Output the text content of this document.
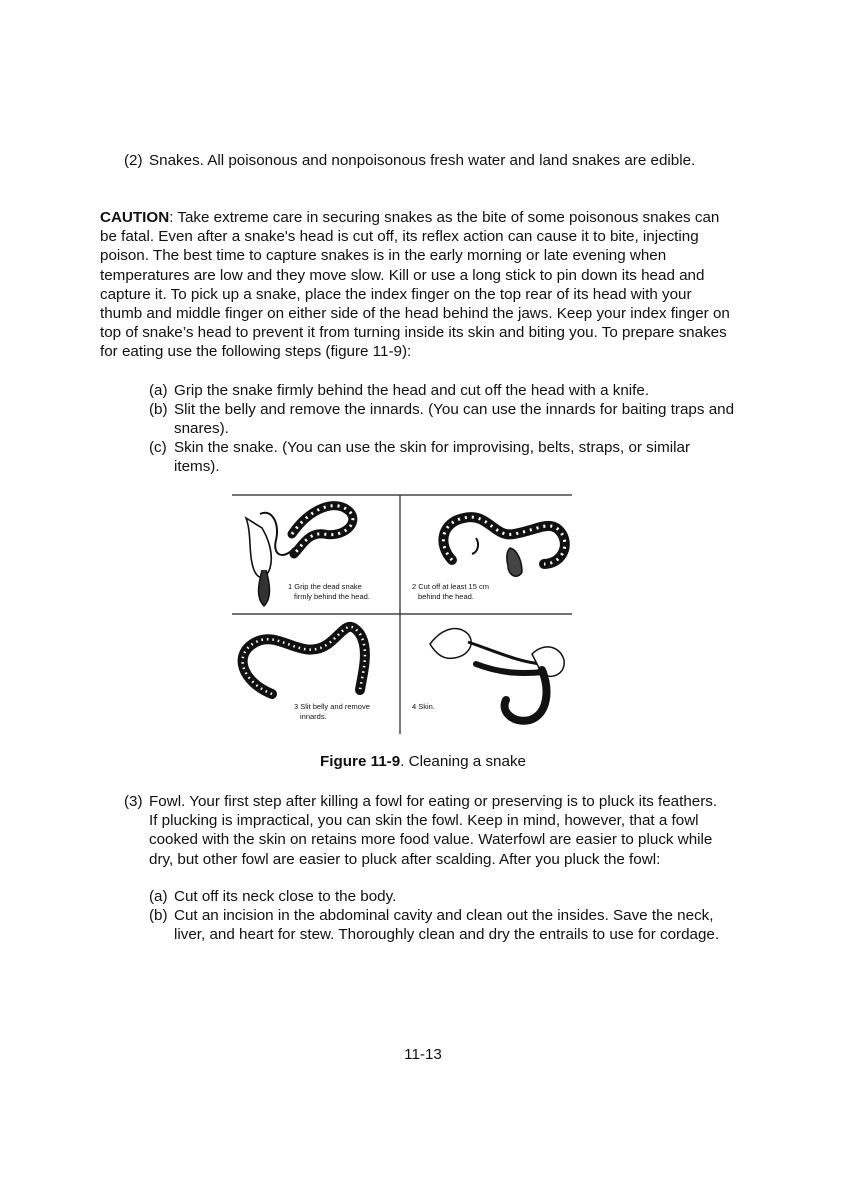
(2) Snakes. All poisonous and nonpoisonous fresh water and land snakes are edible.
CAUTION: Take extreme care in securing snakes as the bite of some poisonous snakes can be fatal. Even after a snake's head is cut off, its reflex action can cause it to bite, injecting poison. The best time to capture snakes is in the early morning or late evening when temperatures are low and they move slow. Kill or use a long stick to pin down its head and capture it. To pick up a snake, place the index finger on the top rear of its head with your thumb and middle finger on either side of the head behind the jaws. Keep your index finger on top of snake’s head to prevent it from turning inside its skin and biting you. To prepare snakes for eating use the following steps (figure 11-9):
(a) Grip the snake firmly behind the head and cut off the head with a knife.
(b) Slit the belly and remove the innards. (You can use the innards for baiting traps and snares).
(c) Skin the snake. (You can use the skin for improvising, belts, straps, or similar items).
1 Grip the dead snake
firmly behind the head.
2 Cut off at least 15 cm
behind the head.
3 Slit belly and remove
innards.
4 Skin.
Figure 11-9. Cleaning a snake
(3) Fowl. Your first step after killing a fowl for eating or preserving is to pluck its feathers. If plucking is impractical, you can skin the fowl. Keep in mind, however, that a fowl cooked with the skin on retains more food value. Waterfowl are easier to pluck while dry, but other fowl are easier to pluck after scalding. After you pluck the fowl:
(a) Cut off its neck close to the body.
(b) Cut an incision in the abdominal cavity and clean out the insides. Save the neck, liver, and heart for stew. Thoroughly clean and dry the entrails to use for cordage.
11-13
